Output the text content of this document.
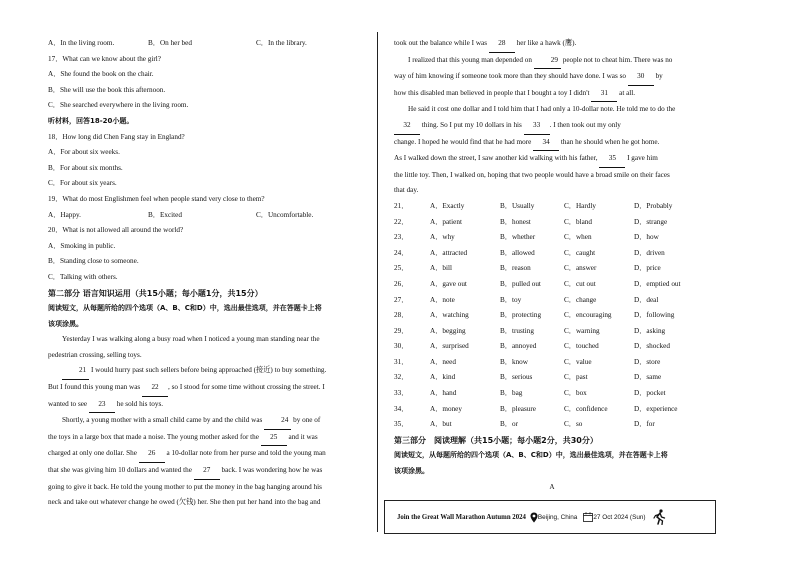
A．In the living room.	B．On her bed	C．In the library.
17．What can we know about the girl?
A．She found the book on the chair.
B．She will use the book this afternoon.
C．She searched everywhere in the living room.
听材料，回答18-20小题。
18．How long did Chen Fang stay in England?
A．For about six weeks.
B．For about six months.
C．For about six years.
19．What do most Englishmen feel when people stand very close to them?
A．Happy.	B．Excited	C．Uncomfortable.
20．What is not allowed all around the world?
A．Smoking in public.
B．Standing close to someone.
C．Talking with others.
第二部分 语言知识运用（共15小题；每小题1分，共15分）
阅读短文，从每题所给的四个选项（A、B、C和D）中，选出最佳选项，并在答题卡上将
该项涂黑。
Yesterday I was walking along a busy road when I noticed a young man standing near the
pedestrian crossing, selling toys.
21 I would hurry past such sellers before being approached (接近) to buy something.
But I found this young man was 22 , so I stood for some time without crossing the street. I
wanted to see 23 he sold his toys.
Shortly, a young mother with a small child came by and the child was	24 by one of
the toys in a large box that made a noise. The young mother asked for the 25 and it was
charged at only one dollar. She 26 a 10-dollar note from her purse and told the young man
that she was giving him 10 dollars and wanted the 27 back. I was wondering how he was
going to give it back. He told the young mother to put the money in the bag hanging around his
neck and take out whatever change he owed (欠钱) her. She then put her hand into the bag and
took out the balance while I was 28 her like a hawk (鹰).
I realized that this young man depended on	29 people not to cheat him. There was no
way of him knowing if someone took more than they should have done. I was so 30 by
how this disabled man believed in people that I bought a toy I didn't 31 at all.
He said it cost one dollar and I told him that I had only a 10-dollar note. He told me to do the
32 thing. So I put my 10 dollars in his 33 . I then took out my only
change. I hoped he would find that he had more 34 than he should when he got home.
As I walked down the street, I saw another kid walking with his father, 35 I gave him
the little toy. Then, I walked on, hoping that two people would have a broad smile on their faces
that day.
21．	A．Exactly	B．Usually	C．Hardly	D．Probably
22．	A．patient	B．honest	C．bland	D．strange
23．	A．why	B．whether	C．when	D．how
24．	A．attracted	B．allowed	C．caught	D．driven
25．	A．bill	B．reason	C．answer	D．price
26．	A．gave out	B．pulled out	C．cut out	D．emptied out
27．	A．note	B．toy	C．change	D．deal
28．	A．watching	B．protecting	C．encouraging	D．following
29．	A．begging	B．trusting	C．warning	D．asking
30．	A．surprised	B．annoyed	C．touched	D．shocked
31．	A．need	B．know	C．value	D．store
32．	A．kind	B．serious	C．past	D．same
33．	A．hand	B．bag	C．box	D．pocket
34．	A．money	B．pleasure	C．confidence	D．experience
35．	A．but	B．or	C．so	D．for
第三部分　阅读理解（共15小题；每小题2分，共30分）
阅读短文，从每题所给的四个选项（A、B、C和D）中，选出最佳选项，并在答题卡上将
该项涂黑。
A
Join the Great Wall Marathon Autumn 2024 Beijing, China	27 Oct 2024 (Sun)
